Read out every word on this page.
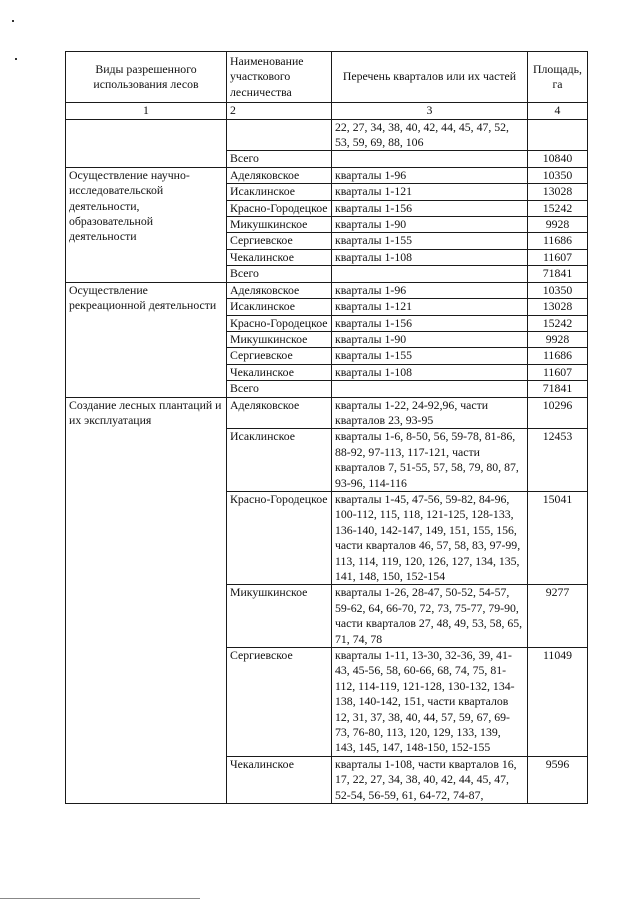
Виды разрешенного использования лесов	Наименование участкового лесничества	Перечень кварталов или их частей	Площадь, га
1	2	3	4
		22, 27, 34, 38, 40, 42, 44, 45, 47, 52, 53, 59, 69, 88, 106	
	Всего		10840
Осуществление научно-исследовательской деятельности, образовательной деятельности	Аделяковское	кварталы 1-96	10350
	Исаклинское	кварталы 1-121	13028
	Красно-Городецкое	кварталы 1-156	15242
	Микушкинское	кварталы 1-90	9928
	Сергиевское	кварталы 1-155	11686
	Чекалинское	кварталы 1-108	11607
	Всего		71841
Осуществление рекреационной деятельности	Аделяковское	кварталы 1-96	10350
	Исаклинское	кварталы 1-121	13028
	Красно-Городецкое	кварталы 1-156	15242
	Микушкинское	кварталы 1-90	9928
	Сергиевское	кварталы 1-155	11686
	Чекалинское	кварталы 1-108	11607
	Всего		71841
Создание лесных плантаций и их эксплуатация	Аделяковское	кварталы 1-22, 24-92,96, части кварталов 23, 93-95	10296
	Исаклинское	кварталы 1-6, 8-50, 56, 59-78, 81-86, 88-92, 97-113, 117-121, части кварталов 7, 51-55, 57, 58, 79, 80, 87, 93-96, 114-116	12453
	Красно-Городецкое	кварталы 1-45, 47-56, 59-82, 84-96, 100-112, 115, 118, 121-125, 128-133, 136-140, 142-147, 149, 151, 155, 156, части кварталов 46, 57, 58, 83, 97-99, 113, 114, 119, 120, 126, 127, 134, 135, 141, 148, 150, 152-154	15041
	Микушкинское	кварталы 1-26, 28-47, 50-52, 54-57, 59-62, 64, 66-70, 72, 73, 75-77, 79-90, части кварталов 27, 48, 49, 53, 58, 65, 71, 74, 78	9277
	Сергиевское	кварталы 1-11, 13-30, 32-36, 39, 41-43, 45-56, 58, 60-66, 68, 74, 75, 81-112, 114-119, 121-128, 130-132, 134-138, 140-142, 151, части кварталов 12, 31, 37, 38, 40, 44, 57, 59, 67, 69-73, 76-80, 113, 120, 129, 133, 139, 143, 145, 147, 148-150, 152-155	11049
	Чекалинское	кварталы 1-108, части кварталов 16, 17, 22, 27, 34, 38, 40, 42, 44, 45, 47, 52-54, 56-59, 61, 64-72, 74-87,	9596
